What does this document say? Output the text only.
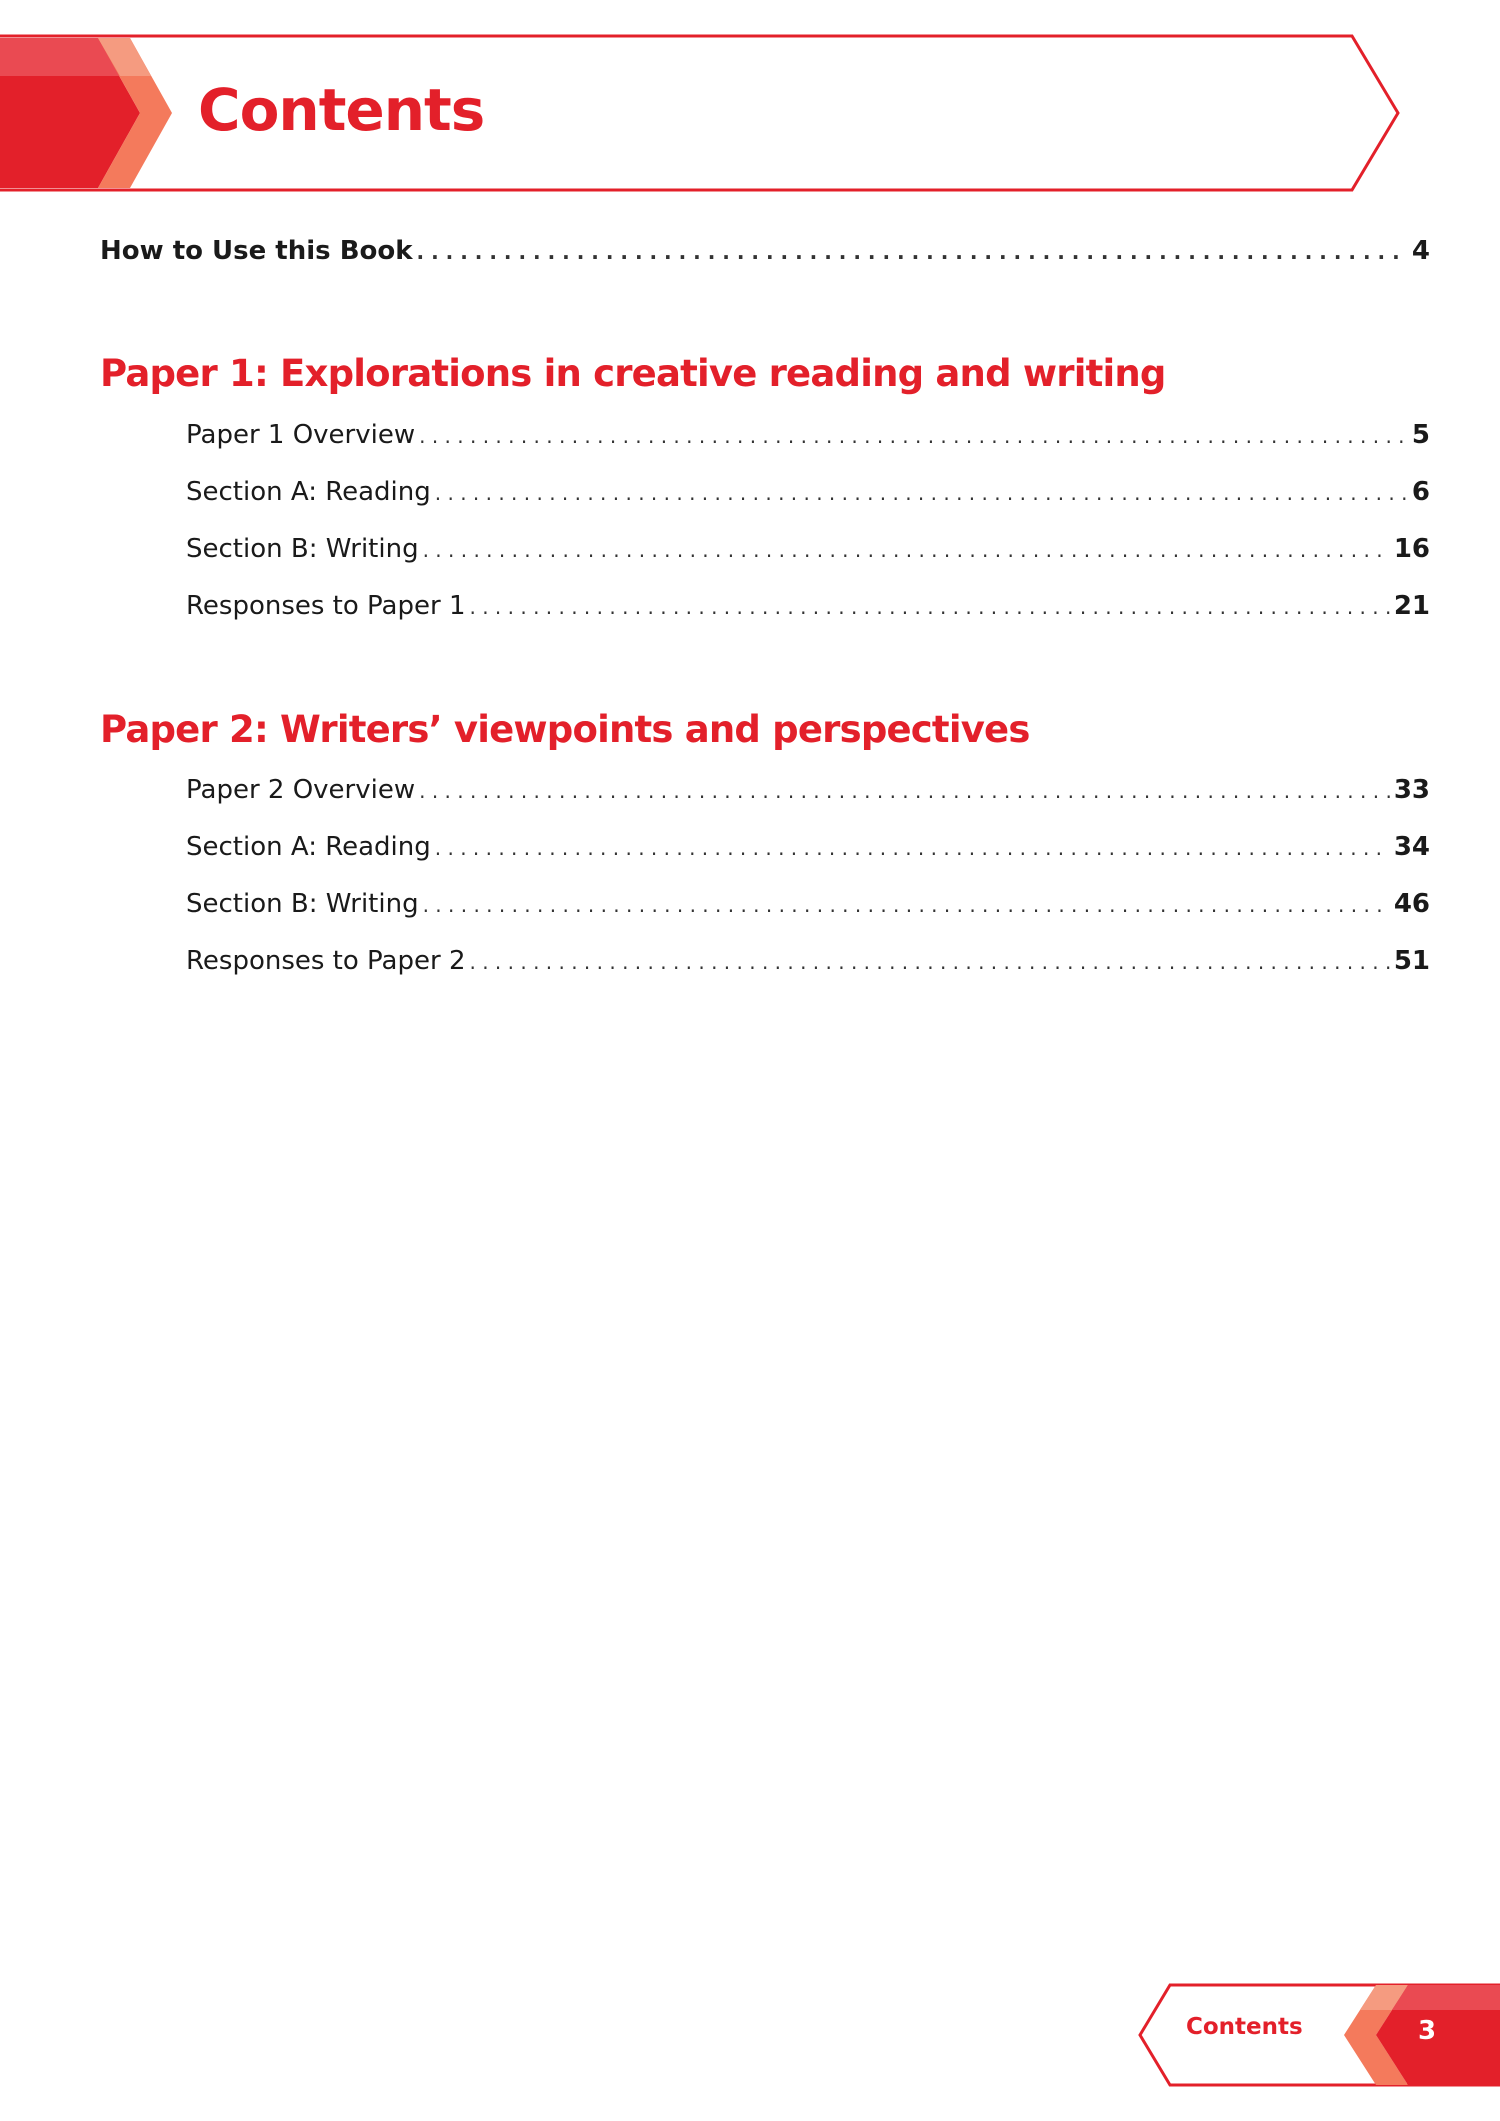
Contents
How to Use this Book . . .	4
Paper 1: Explorations in creative reading and writing
Paper 1 Overview . . .	5
Section A: Reading . . .	6
Section B: Writing . . .	16
Responses to Paper 1 . . .	21
Paper 2: Writers’ viewpoints and perspectives
Paper 2 Overview . . .	33
Section A: Reading . . .	34
Section B: Writing . . .	46
Responses to Paper 2 . . .	51
Contents	3
